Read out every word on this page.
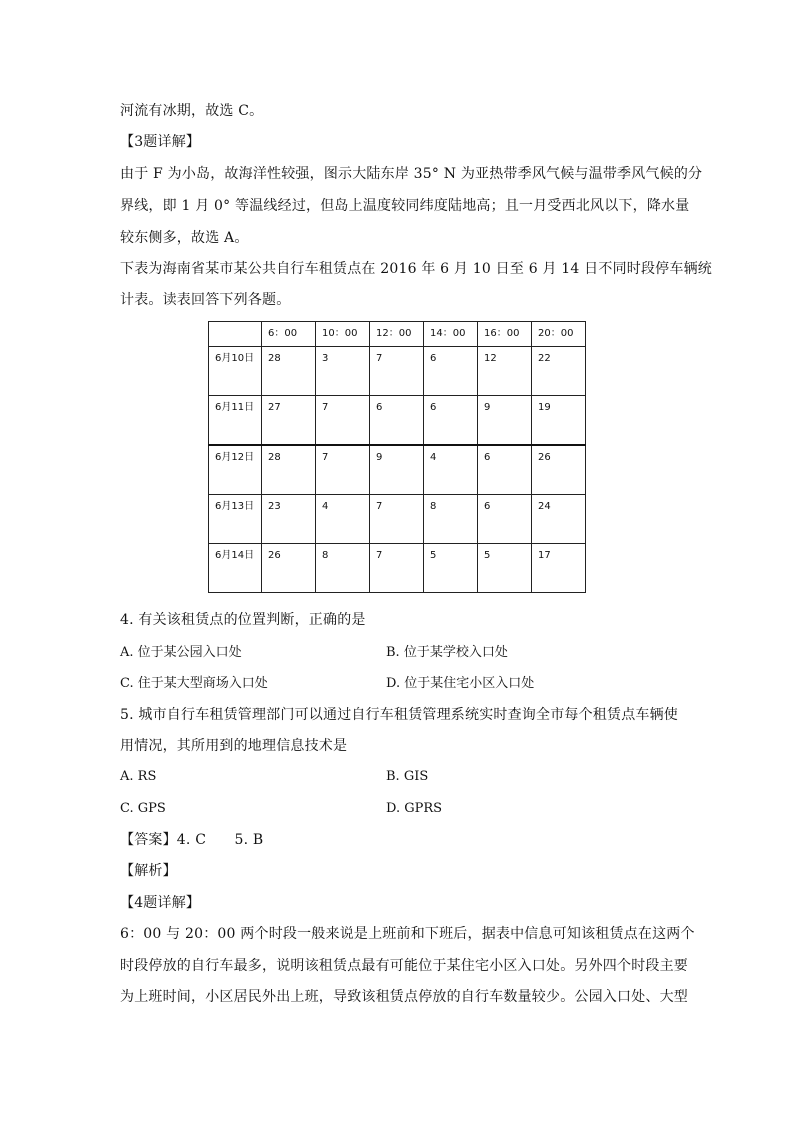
河流有冰期，故选 C。
【3题详解】
由于 F 为小岛，故海洋性较强，图示大陆东岸 35° N 为亚热带季风气候与温带季风气候的分
界线，即 1 月 0° 等温线经过，但岛上温度较同纬度陆地高；且一月受西北风以下，降水量
较东侧多，故选 A。
下表为海南省某市某公共自行车租赁点在 2016 年 6 月 10 日至 6 月 14 日不同时段停车辆统
计表。读表回答下列各题。
	6：00	10：00	12：00	14：00	16：00	20：00
6月10日	28	3	7	6	12	22
6月11日	27	7	6	6	9	19
6月12日	28	7	9	4	6	26
6月13日	23	4	7	8	6	24
6月14日	26	8	7	5	5	17
4. 有关该租赁点的位置判断，正确的是
A. 位于某公园入口处	B. 位于某学校入口处
C. 住于某大型商场入口处	D. 位于某住宅小区入口处
5. 城市自行车租赁管理部门可以通过自行车租赁管理系统实时查询全市每个租赁点车辆使
用情况，其所用到的地理信息技术是
A. RS	B. GIS
C. GPS	D. GPRS
【答案】4. C　　5. B
【解析】
【4题详解】
6：00 与 20：00 两个时段一般来说是上班前和下班后，据表中信息可知该租赁点在这两个
时段停放的自行车最多，说明该租赁点最有可能位于某住宅小区入口处。另外四个时段主要
为上班时间，小区居民外出上班，导致该租赁点停放的自行车数量较少。公园入口处、大型
